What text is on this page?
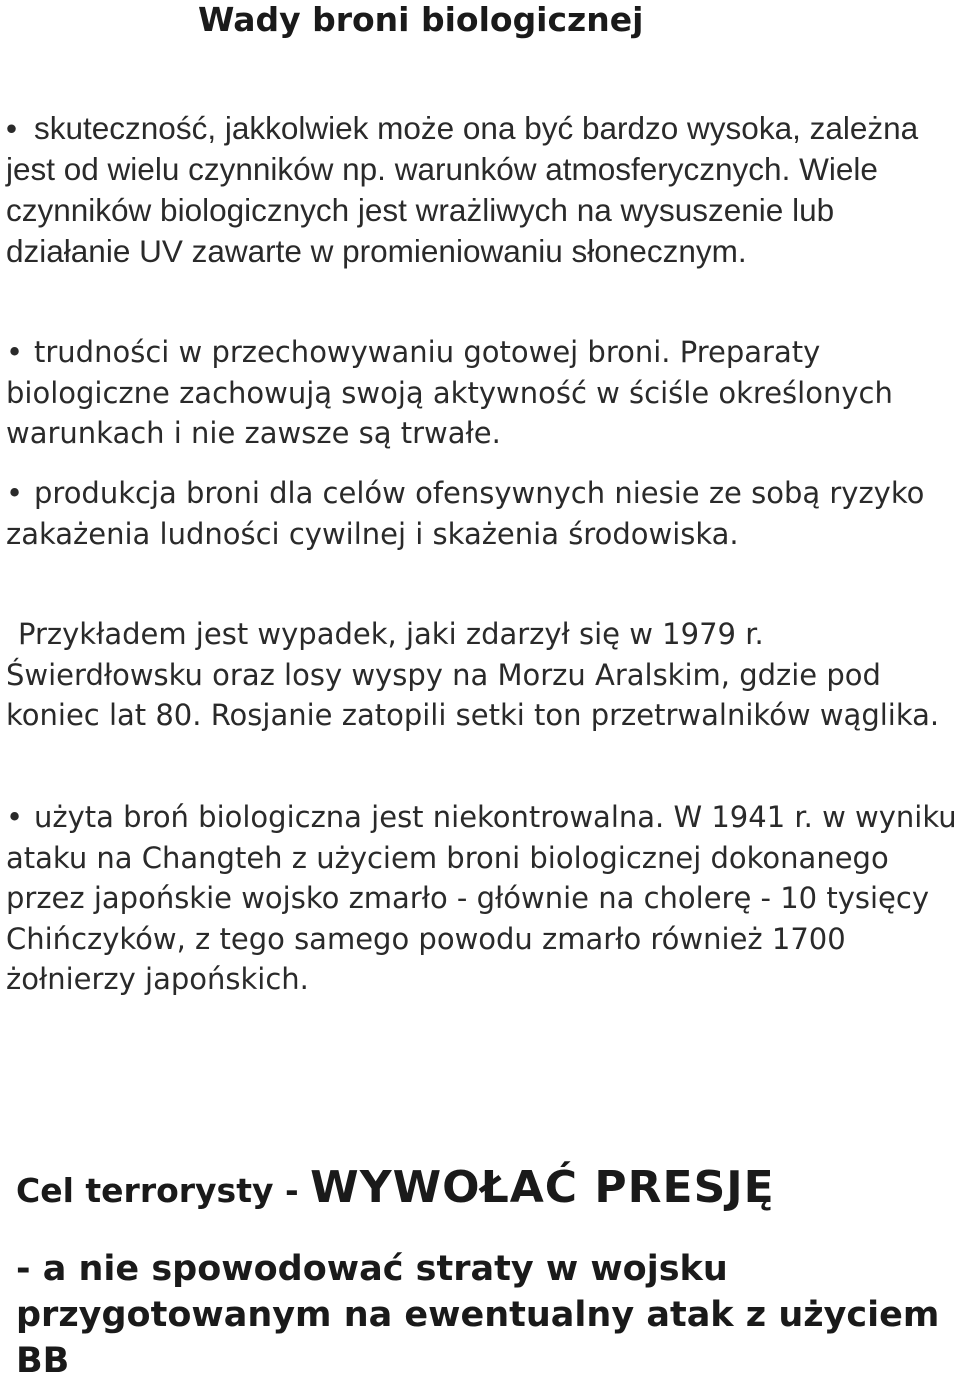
Wady broni biologicznej

• skuteczność, jakkolwiek może ona być bardzo wysoka, zależna jest od wielu czynników np. warunków atmosferycznych. Wiele czynników biologicznych jest wrażliwych na wysuszenie lub działanie UV zawarte w promieniowaniu słonecznym.

• trudności w przechowywaniu gotowej broni. Preparaty biologiczne zachowują swoją aktywność w ściśle określonych warunkach i nie zawsze są trwałe.

• produkcja broni dla celów ofensywnych niesie ze sobą ryzyko zakażenia ludności cywilnej i skażenia środowiska.

Przykładem jest wypadek, jaki zdarzył się w 1979 r. Świerdłowsku oraz losy wyspy na Morzu Aralskim, gdzie pod koniec lat 80. Rosjanie zatopili setki ton przetrwalników wąglika.

• użyta broń biologiczna jest niekontrowalna. W 1941 r. w wyniku ataku na Changteh z użyciem broni biologicznej dokonanego przez japońskie wojsko zmarło - głównie na cholerę - 10 tysięcy Chińczyków, z tego samego powodu zmarło również 1700 żołnierzy japońskich.

Cel terrorysty - WYWOŁAĆ PRESJĘ

- a nie spowodować straty w wojsku przygotowanym na ewentualny atak z użyciem BB
